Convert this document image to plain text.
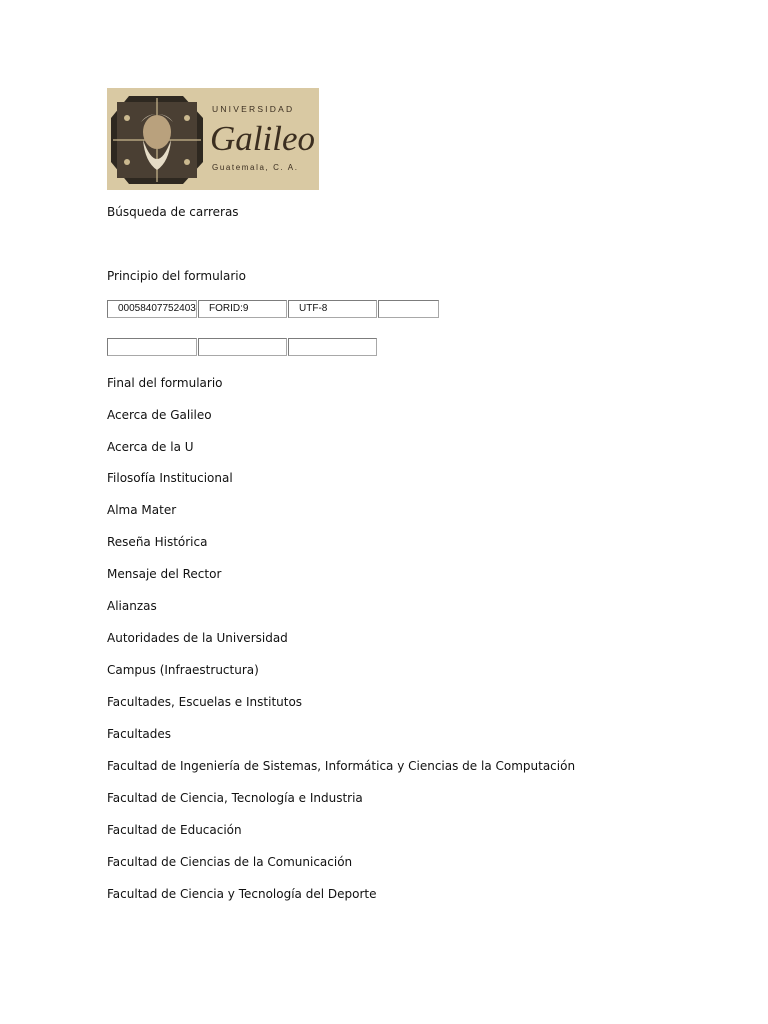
UNIVERSIDAD
Galileo
Guatemala, C. A.
Búsqueda de carreras
Principio del formulario
00058407752403	FORID:9	UTF-8
Final del formulario
Acerca de Galileo
Acerca de la U
Filosofía Institucional
Alma Mater
Reseña Histórica
Mensaje del Rector
Alianzas
Autoridades de la Universidad
Campus (Infraestructura)
Facultades, Escuelas e Institutos
Facultades
Facultad de Ingeniería de Sistemas, Informática y Ciencias de la Computación
Facultad de Ciencia, Tecnología e Industria
Facultad de Educación
Facultad de Ciencias de la Comunicación
Facultad de Ciencia y Tecnología del Deporte
